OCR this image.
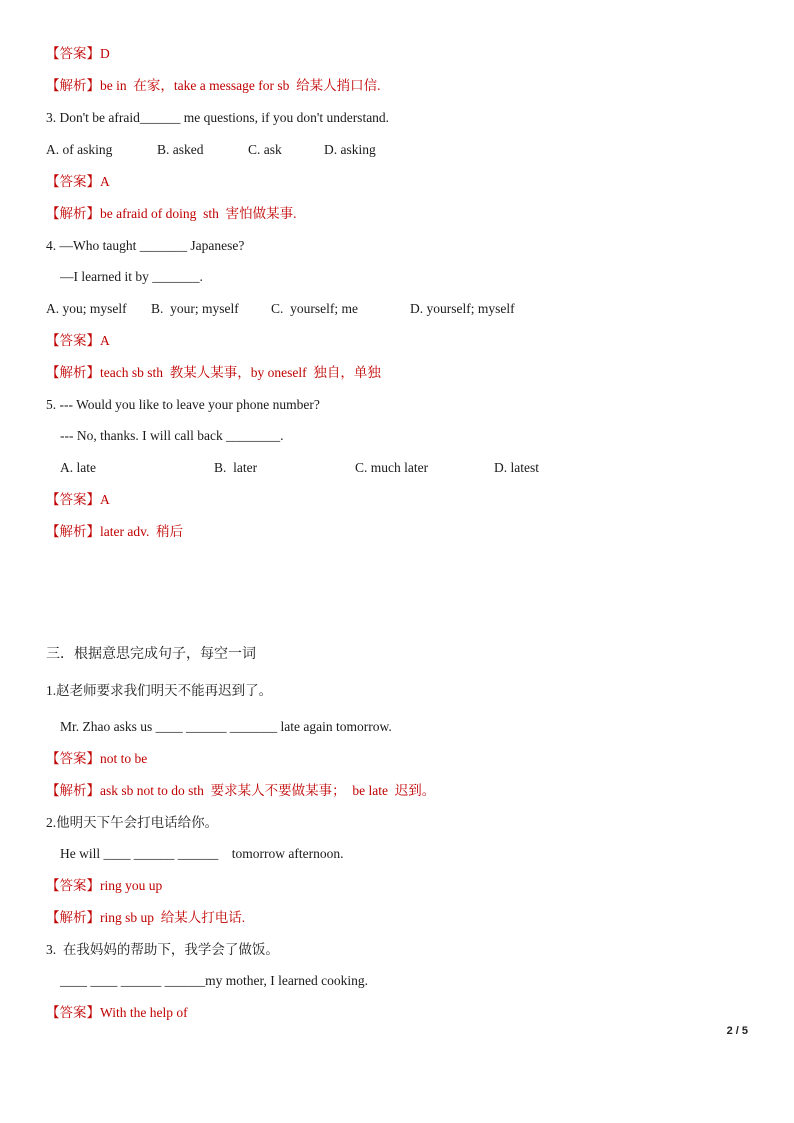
【答案】D
【解析】be in  在家，take a message for sb  给某人捎口信.
3. Don't be afraid______ me questions, if you don't understand.
A. of asking	B. asked	C. ask	D. asking
【答案】A
【解析】be afraid of doing  sth  害怕做某事.
4. —Who taught _______ Japanese?
—I learned it by _______.
A. you; myself B.  your; myself C.  yourself; me	D. yourself; myself
【答案】A
【解析】teach sb sth  教某人某事，by oneself  独自，单独
5. --- Would you like to leave your phone number?
--- No, thanks. I will call back ________.
A. late	B.  later	C. much later	D. latest
【答案】A
【解析】later adv.  稍后
三．根据意思完成句子，每空一词
1.赵老师要求我们明天不能再迟到了。
Mr. Zhao asks us ____ ______ _______ late again tomorrow.
【答案】not to be
【解析】ask sb not to do sth  要求某人不要做某事；  be late  迟到。
2.他明天下午会打电话给你。
He will ____ ______ ______    tomorrow afternoon.
【答案】ring you up
【解析】ring sb up  给某人打电话.
3.  在我妈妈的帮助下，我学会了做饭。
____ ____ ______ ______my mother, I learned cooking.
【答案】With the help of
2 / 5
